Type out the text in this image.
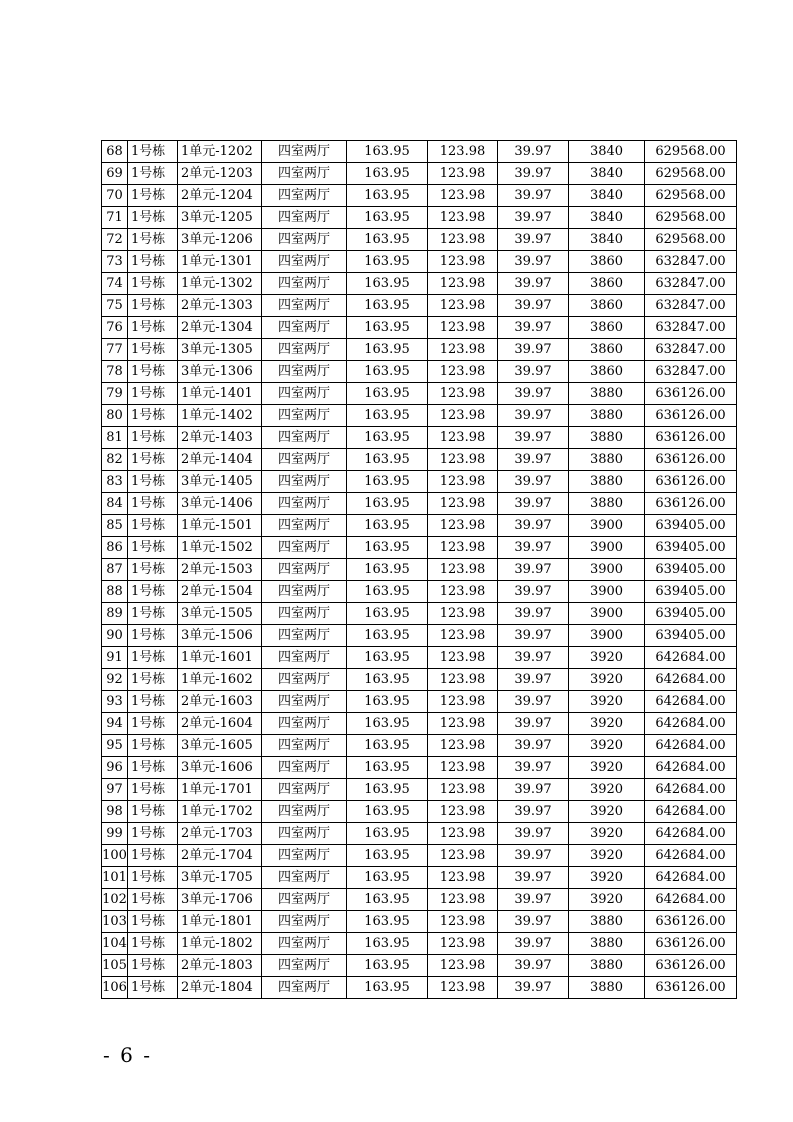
68	1号栋	1单元-1202	四室两厅	163.95	123.98	39.97	3840	629568.00
69	1号栋	2单元-1203	四室两厅	163.95	123.98	39.97	3840	629568.00
70	1号栋	2单元-1204	四室两厅	163.95	123.98	39.97	3840	629568.00
71	1号栋	3单元-1205	四室两厅	163.95	123.98	39.97	3840	629568.00
72	1号栋	3单元-1206	四室两厅	163.95	123.98	39.97	3840	629568.00
73	1号栋	1单元-1301	四室两厅	163.95	123.98	39.97	3860	632847.00
74	1号栋	1单元-1302	四室两厅	163.95	123.98	39.97	3860	632847.00
75	1号栋	2单元-1303	四室两厅	163.95	123.98	39.97	3860	632847.00
76	1号栋	2单元-1304	四室两厅	163.95	123.98	39.97	3860	632847.00
77	1号栋	3单元-1305	四室两厅	163.95	123.98	39.97	3860	632847.00
78	1号栋	3单元-1306	四室两厅	163.95	123.98	39.97	3860	632847.00
79	1号栋	1单元-1401	四室两厅	163.95	123.98	39.97	3880	636126.00
80	1号栋	1单元-1402	四室两厅	163.95	123.98	39.97	3880	636126.00
81	1号栋	2单元-1403	四室两厅	163.95	123.98	39.97	3880	636126.00
82	1号栋	2单元-1404	四室两厅	163.95	123.98	39.97	3880	636126.00
83	1号栋	3单元-1405	四室两厅	163.95	123.98	39.97	3880	636126.00
84	1号栋	3单元-1406	四室两厅	163.95	123.98	39.97	3880	636126.00
85	1号栋	1单元-1501	四室两厅	163.95	123.98	39.97	3900	639405.00
86	1号栋	1单元-1502	四室两厅	163.95	123.98	39.97	3900	639405.00
87	1号栋	2单元-1503	四室两厅	163.95	123.98	39.97	3900	639405.00
88	1号栋	2单元-1504	四室两厅	163.95	123.98	39.97	3900	639405.00
89	1号栋	3单元-1505	四室两厅	163.95	123.98	39.97	3900	639405.00
90	1号栋	3单元-1506	四室两厅	163.95	123.98	39.97	3900	639405.00
91	1号栋	1单元-1601	四室两厅	163.95	123.98	39.97	3920	642684.00
92	1号栋	1单元-1602	四室两厅	163.95	123.98	39.97	3920	642684.00
93	1号栋	2单元-1603	四室两厅	163.95	123.98	39.97	3920	642684.00
94	1号栋	2单元-1604	四室两厅	163.95	123.98	39.97	3920	642684.00
95	1号栋	3单元-1605	四室两厅	163.95	123.98	39.97	3920	642684.00
96	1号栋	3单元-1606	四室两厅	163.95	123.98	39.97	3920	642684.00
97	1号栋	1单元-1701	四室两厅	163.95	123.98	39.97	3920	642684.00
98	1号栋	1单元-1702	四室两厅	163.95	123.98	39.97	3920	642684.00
99	1号栋	2单元-1703	四室两厅	163.95	123.98	39.97	3920	642684.00
100	1号栋	2单元-1704	四室两厅	163.95	123.98	39.97	3920	642684.00
101	1号栋	3单元-1705	四室两厅	163.95	123.98	39.97	3920	642684.00
102	1号栋	3单元-1706	四室两厅	163.95	123.98	39.97	3920	642684.00
103	1号栋	1单元-1801	四室两厅	163.95	123.98	39.97	3880	636126.00
104	1号栋	1单元-1802	四室两厅	163.95	123.98	39.97	3880	636126.00
105	1号栋	2单元-1803	四室两厅	163.95	123.98	39.97	3880	636126.00
106	1号栋	2单元-1804	四室两厅	163.95	123.98	39.97	3880	636126.00
- 6 -
